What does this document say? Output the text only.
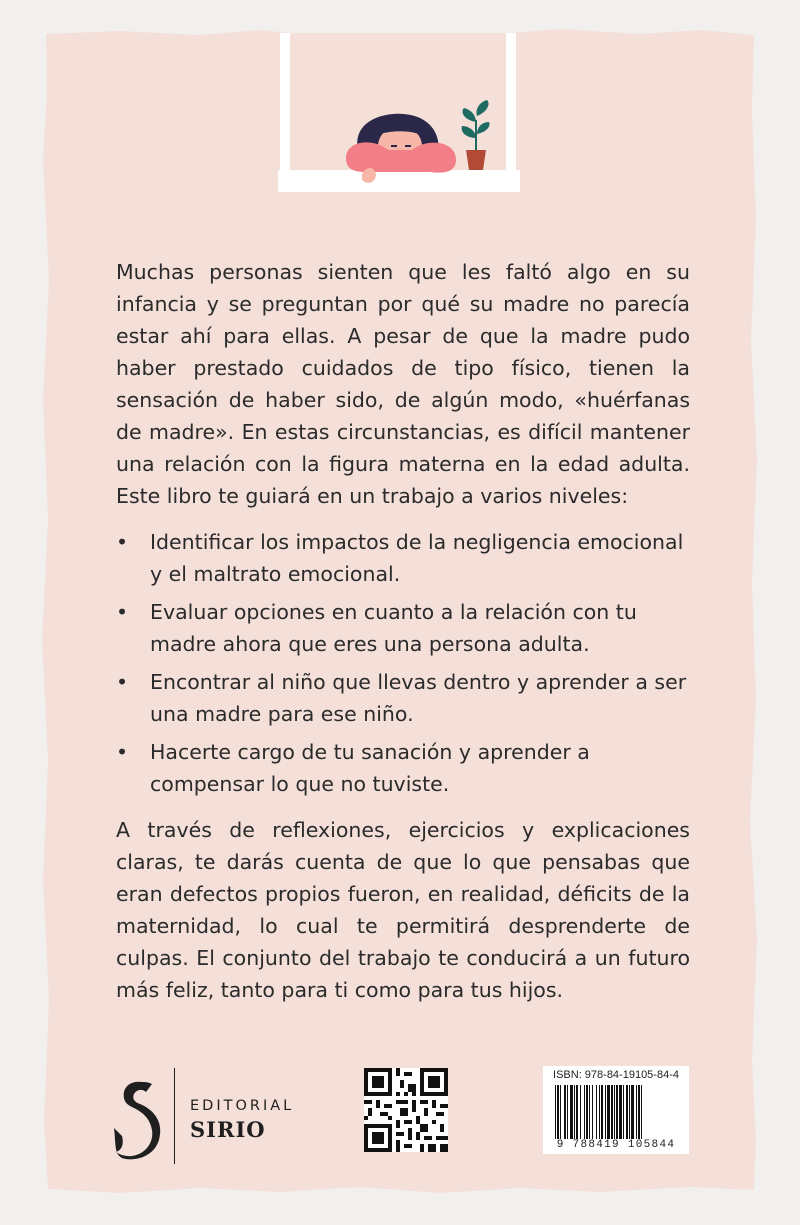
Muchas personas sienten que les faltó algo en su infancia y se preguntan por qué su madre no parecía estar ahí para ellas. A pesar de que la madre pudo haber prestado cuidados de tipo físico, tienen la sensación de haber sido, de algún modo, «huérfanas de madre». En estas circunstancias, es difícil mantener una relación con la figura materna en la edad adulta. Este libro te guiará en un trabajo a varios niveles:

• Identificar los impactos de la negligencia emocional y el maltrato emocional.
• Evaluar opciones en cuanto a la relación con tu madre ahora que eres una persona adulta.
• Encontrar al niño que llevas dentro y aprender a ser una madre para ese niño.
• Hacerte cargo de tu sanación y aprender a compensar lo que no tuviste.

A través de reflexiones, ejercicios y explicaciones claras, te darás cuenta de que lo que pensabas que eran defectos propios fueron, en realidad, déficits de la maternidad, lo cual te permitirá desprenderte de culpas. El conjunto del trabajo te conducirá a un futuro más feliz, tanto para ti como para tus hijos.

EDITORIAL
SIRIO
ISBN: 978-84-19105-84-4
9 788419 105844
